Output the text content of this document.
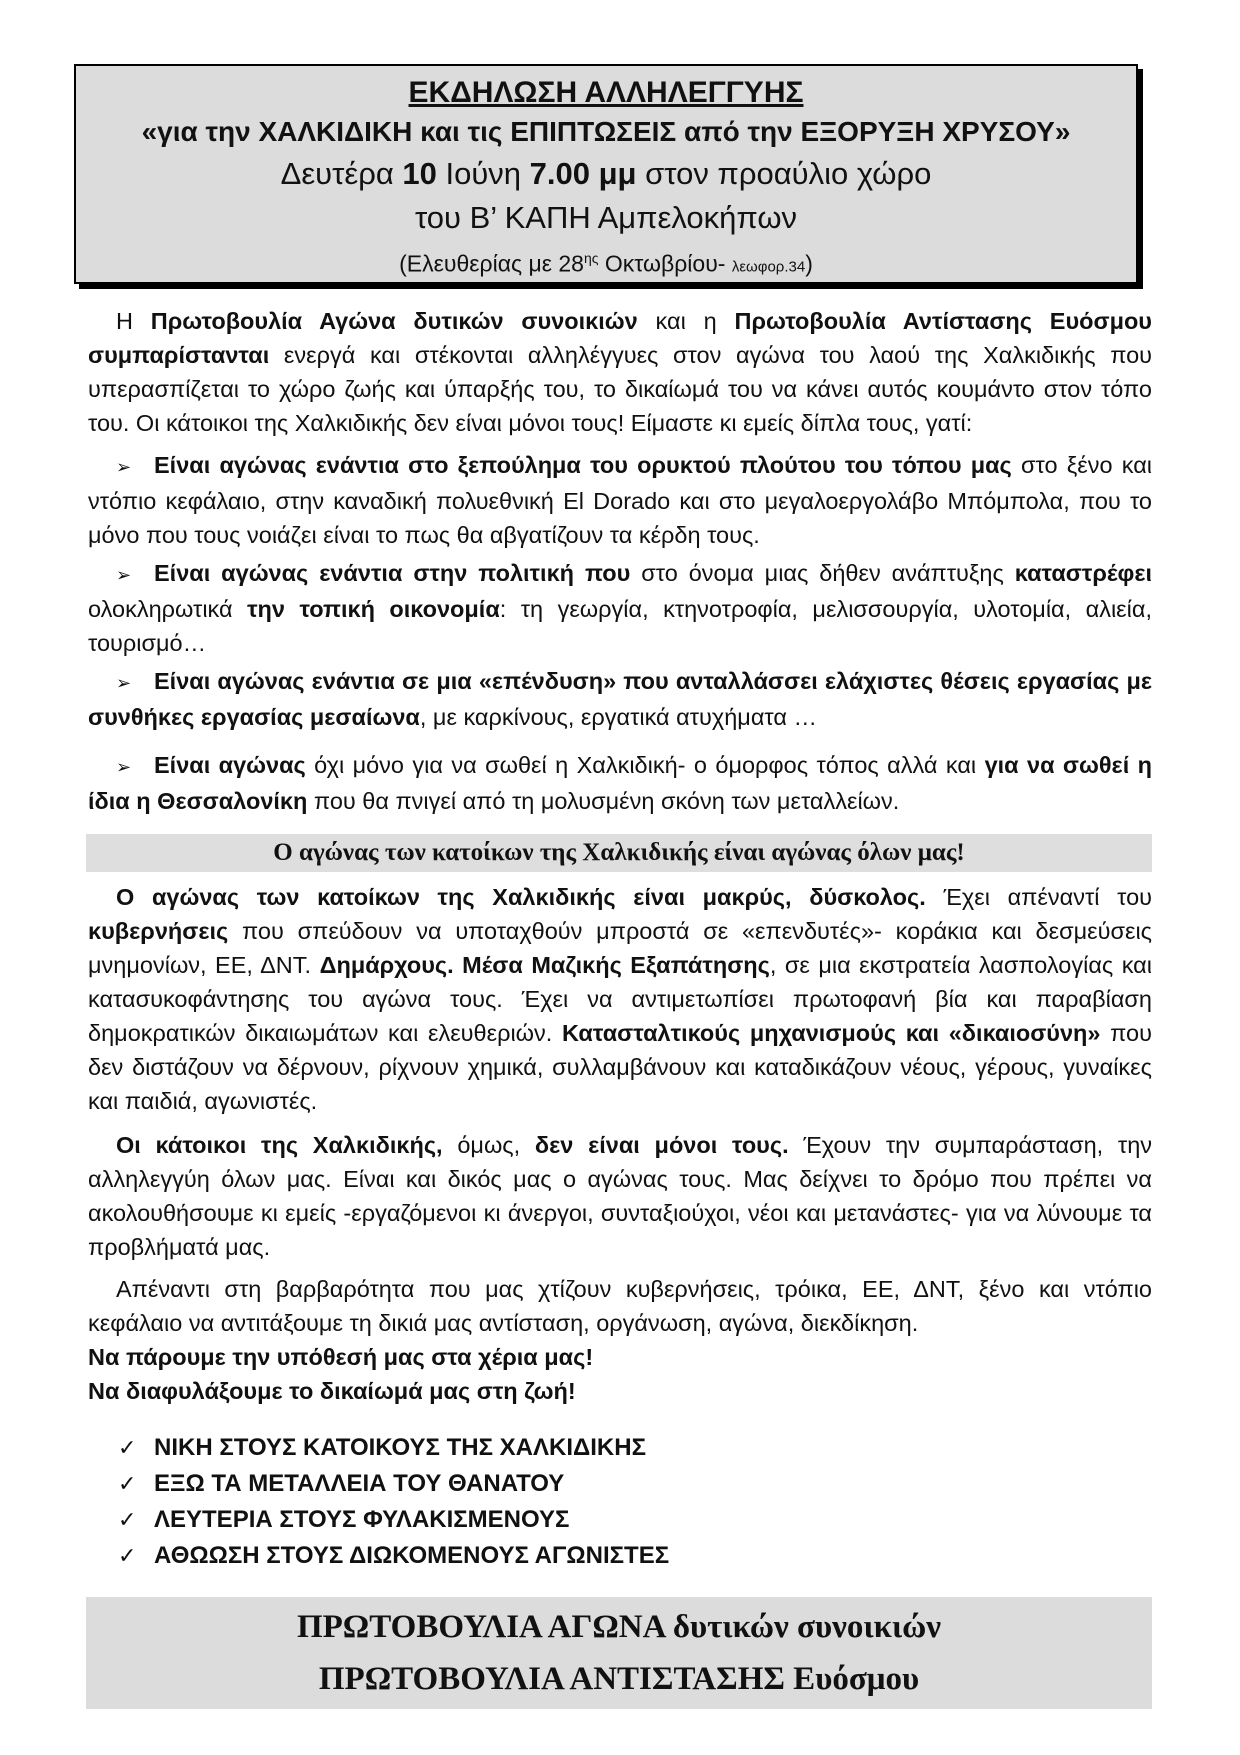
ΕΚΔΗΛΩΣΗ ΑΛΛΗΛΕΓΓΥΗΣ
«για την ΧΑΛΚΙΔΙΚΗ και τις ΕΠΙΠΤΩΣΕΙΣ από την ΕΞΟΡΥΞΗ ΧΡΥΣΟΥ»
Δευτέρα 10 Ιούνη 7.00 μμ στον προαύλιο χώρο
του Β’ ΚΑΠΗ Αμπελοκήπων
(Ελευθερίας με $28^{\eta\varsigma}$ Οκτωβρίου- λεωφορ.34)
Η Πρωτοβουλία Αγώνα δυτικών συνοικιών και η Πρωτοβουλία Αντίστασης Ευόσμου συμπαρίστανται ενεργά και στέκονται αλληλέγγυες στον αγώνα του λαού της Χαλκιδικής που υπερασπίζεται το χώρο ζωής και ύπαρξής του, το δικαίωμά του να κάνει αυτός κουμάντο στον τόπο του. Οι κάτοικοι της Χαλκιδικής δεν είναι μόνοι τους! Είμαστε κι εμείς δίπλα τους, γατί:
➢ Είναι αγώνας ενάντια στο ξεπούλημα του ορυκτού πλούτου του τόπου μας στο ξένο και ντόπιο κεφάλαιο, στην καναδική πολυεθνική El Dorado και στο μεγαλοεργολάβο Μπόμπολα, που το μόνο που τους νοιάζει είναι το πως θα αβγατίζουν τα κέρδη τους.
➢ Είναι αγώνας ενάντια στην πολιτική που στο όνομα μιας δήθεν ανάπτυξης καταστρέφει ολοκληρωτικά την τοπική οικονομία: τη γεωργία, κτηνοτροφία, μελισσουργία, υλοτομία, αλιεία, τουρισμό…
➢ Είναι αγώνας ενάντια σε μια «επένδυση» που ανταλλάσσει ελάχιστες θέσεις εργασίας με συνθήκες εργασίας μεσαίωνα, με καρκίνους, εργατικά ατυχήματα …
➢ Είναι αγώνας όχι μόνο για να σωθεί η Χαλκιδική- ο όμορφος τόπος αλλά και για να σωθεί η ίδια η Θεσσαλονίκη που θα πνιγεί από τη μολυσμένη σκόνη των μεταλλείων.
Ο αγώνας των κατοίκων της Χαλκιδικής είναι αγώνας όλων μας!
Ο αγώνας των κατοίκων της Χαλκιδικής είναι μακρύς, δύσκολος. Έχει απέναντί του κυβερνήσεις που σπεύδουν να υποταχθούν μπροστά σε «επενδυτές»- κοράκια και δεσμεύσεις μνημονίων, ΕΕ, ΔΝΤ. Δημάρχους. Μέσα Μαζικής Εξαπάτησης, σε μια εκστρατεία λασπολογίας και κατασυκοφάντησης του αγώνα τους. Έχει να αντιμετωπίσει πρωτοφανή βία και παραβίαση δημοκρατικών δικαιωμάτων και ελευθεριών. Κατασταλτικούς μηχανισμούς και «δικαιοσύνη» που δεν διστάζουν να δέρνουν, ρίχνουν χημικά, συλλαμβάνουν και καταδικάζουν νέους, γέρους, γυναίκες και παιδιά, αγωνιστές.
Οι κάτοικοι της Χαλκιδικής, όμως, δεν είναι μόνοι τους. Έχουν την συμπαράσταση, την αλληλεγγύη όλων μας. Είναι και δικός μας ο αγώνας τους. Μας δείχνει το δρόμο που πρέπει να ακολουθήσουμε κι εμείς -εργαζόμενοι κι άνεργοι, συνταξιούχοι, νέοι και μετανάστες- για να λύνουμε τα προβλήματά μας.
Απέναντι στη βαρβαρότητα που μας χτίζουν κυβερνήσεις, τρόικα, ΕΕ, ΔΝΤ, ξένο και ντόπιο κεφάλαιο να αντιτάξουμε τη δικιά μας αντίσταση, οργάνωση, αγώνα, διεκδίκηση.
Να πάρουμε την υπόθεσή μας στα χέρια μας!
Να διαφυλάξουμε το δικαίωμά μας στη ζωή!
✓ ΝΙΚΗ ΣΤΟΥΣ ΚΑΤΟΙΚΟΥΣ ΤΗΣ ΧΑΛΚΙΔΙΚΗΣ
✓ ΕΞΩ ΤΑ ΜΕΤΑΛΛΕΙΑ ΤΟΥ ΘΑΝΑΤΟΥ
✓ ΛΕΥΤΕΡΙΑ ΣΤΟΥΣ ΦΥΛΑΚΙΣΜΕΝΟΥΣ
✓ ΑΘΩΩΣΗ ΣΤΟΥΣ ΔΙΩΚΟΜΕΝΟΥΣ ΑΓΩΝΙΣΤΕΣ
ΠΡΩΤΟΒΟΥΛΙΑ ΑΓΩΝΑ δυτικών συνοικιών
ΠΡΩΤΟΒΟΥΛΙΑ ΑΝΤΙΣΤΑΣΗΣ Ευόσμου
